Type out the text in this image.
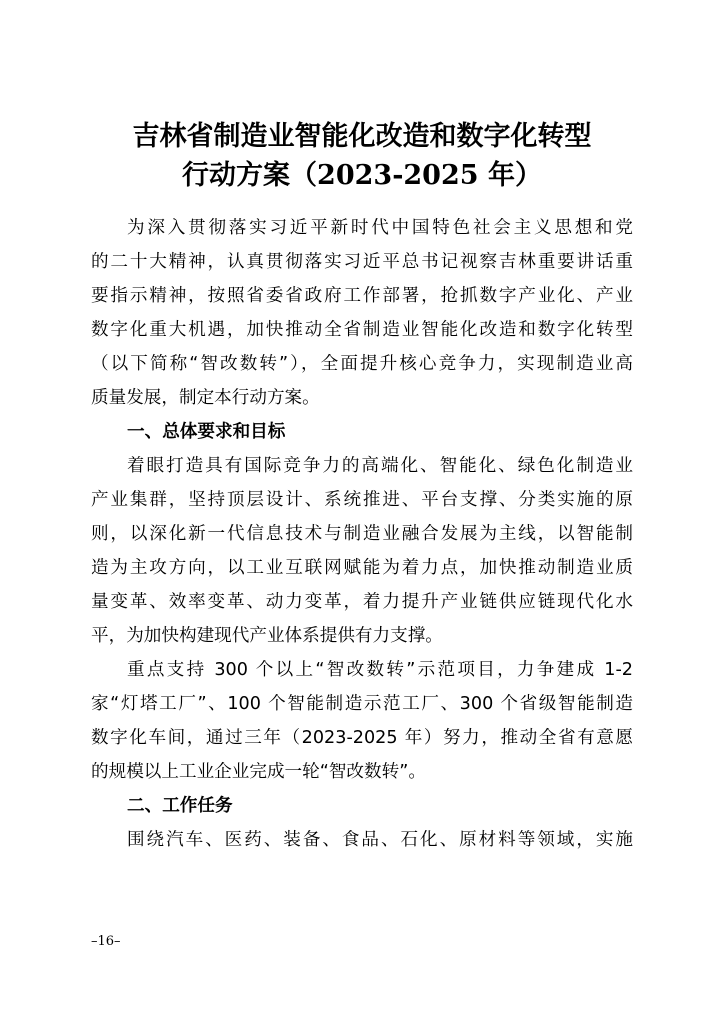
吉林省制造业智能化改造和数字化转型
行动方案（2023-2025 年）
为深入贯彻落实习近平新时代中国特色社会主义思想和党
的二十大精神，认真贯彻落实习近平总书记视察吉林重要讲话重
要指示精神，按照省委省政府工作部署，抢抓数字产业化、产业
数字化重大机遇，加快推动全省制造业智能化改造和数字化转型
（以下简称“智改数转”），全面提升核心竞争力，实现制造业高
质量发展，制定本行动方案。
一、总体要求和目标
着眼打造具有国际竞争力的高端化、智能化、绿色化制造业
产业集群，坚持顶层设计、系统推进、平台支撑、分类实施的原
则，以深化新一代信息技术与制造业融合发展为主线，以智能制
造为主攻方向，以工业互联网赋能为着力点，加快推动制造业质
量变革、效率变革、动力变革，着力提升产业链供应链现代化水
平，为加快构建现代产业体系提供有力支撑。
重点支持 300 个以上“智改数转”示范项目，力争建成 1-2
家“灯塔工厂”、100 个智能制造示范工厂、300 个省级智能制造
数字化车间，通过三年（2023-2025 年）努力，推动全省有意愿
的规模以上工业企业完成一轮“智改数转”。
二、工作任务
围绕汽车、医药、装备、食品、石化、原材料等领域，实施
–16–
